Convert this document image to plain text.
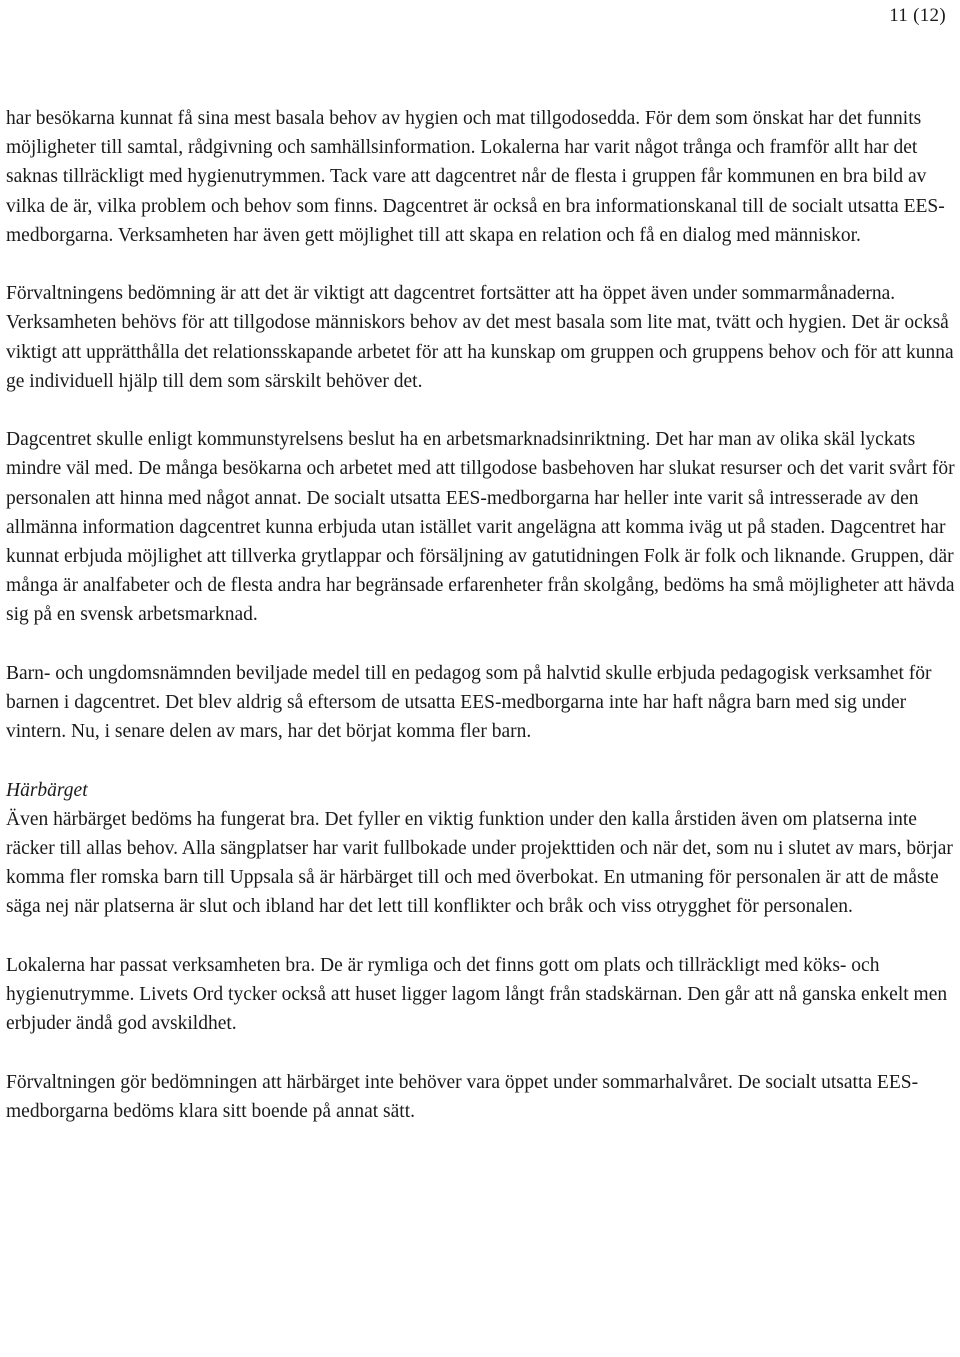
11 (12)

har besökarna kunnat få sina mest basala behov av hygien och mat tillgodosedda. För dem som önskat har det funnits möjligheter till samtal, rådgivning och samhällsinformation. Lokalerna har varit något trånga och framför allt har det saknas tillräckligt med hygienutrymmen. Tack vare att dagcentret når de flesta i gruppen får kommunen en bra bild av vilka de är, vilka problem och behov som finns. Dagcentret är också en bra informationskanal till de socialt utsatta EES-medborgarna. Verksamheten har även gett möjlighet till att skapa en relation och få en dialog med människor.

Förvaltningens bedömning är att det är viktigt att dagcentret fortsätter att ha öppet även under sommarmånaderna. Verksamheten behövs för att tillgodose människors behov av det mest basala som lite mat, tvätt och hygien. Det är också viktigt att upprätthålla det relationsskapande arbetet för att ha kunskap om gruppen och gruppens behov och för att kunna ge individuell hjälp till dem som särskilt behöver det.

Dagcentret skulle enligt kommunstyrelsens beslut ha en arbetsmarknadsinriktning. Det har man av olika skäl lyckats mindre väl med. De många besökarna och arbetet med att tillgodose basbehoven har slukat resurser och det varit svårt för personalen att hinna med något annat. De socialt utsatta EES-medborgarna har heller inte varit så intresserade av den allmänna information dagcentret kunna erbjuda utan istället varit angelägna att komma iväg ut på staden. Dagcentret har kunnat erbjuda möjlighet att tillverka grytlappar och försäljning av gatutidningen Folk är folk och liknande. Gruppen, där många är analfabeter och de flesta andra har begränsade erfarenheter från skolgång, bedöms ha små möjligheter att hävda sig på en svensk arbetsmarknad.

Barn- och ungdomsnämnden beviljade medel till en pedagog som på halvtid skulle erbjuda pedagogisk verksamhet för barnen i dagcentret. Det blev aldrig så eftersom de utsatta EES-medborgarna inte har haft några barn med sig under vintern. Nu, i senare delen av mars, har det börjat komma fler barn.

Härbärget

Även härbärget bedöms ha fungerat bra. Det fyller en viktig funktion under den kalla årstiden även om platserna inte räcker till allas behov. Alla sängplatser har varit fullbokade under projekttiden och när det, som nu i slutet av mars, börjar komma fler romska barn till Uppsala så är härbärget till och med överbokat. En utmaning för personalen är att de måste säga nej när platserna är slut och ibland har det lett till konflikter och bråk och viss otrygghet för personalen.

Lokalerna har passat verksamheten bra. De är rymliga och det finns gott om plats och tillräckligt med köks- och hygienutrymme. Livets Ord tycker också att huset ligger lagom långt från stadskärnan. Den går att nå ganska enkelt men erbjuder ändå god avskildhet.

Förvaltningen gör bedömningen att härbärget inte behöver vara öppet under sommarhalvåret. De socialt utsatta EES-medborgarna bedöms klara sitt boende på annat sätt.
